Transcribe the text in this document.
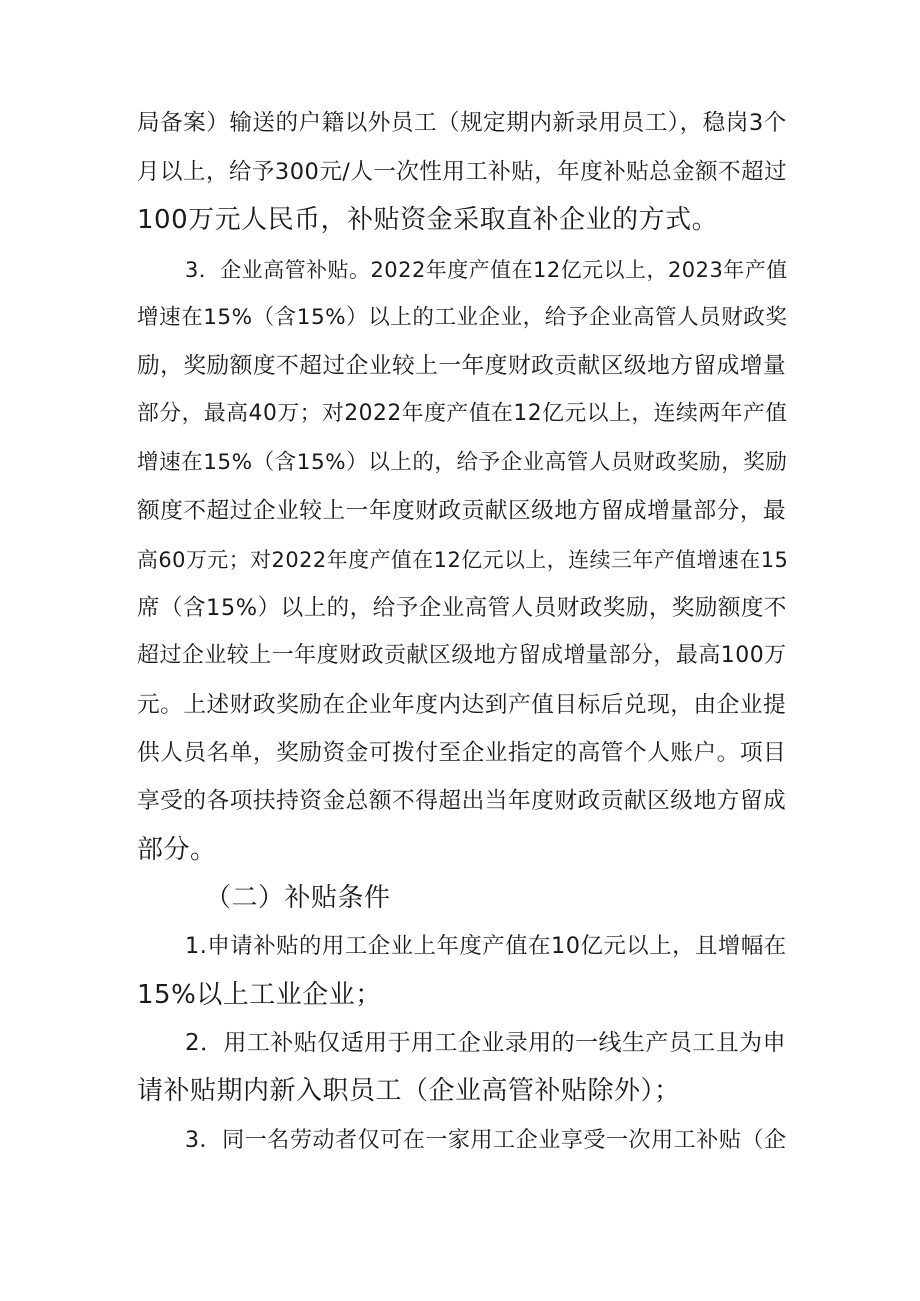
局备案）输送的户籍以外员工（规定期内新录用员工），稳岗3个
月以上，给予300元/人一次性用工补贴，年度补贴总金额不超过
100万元人民币，补贴资金采取直补企业的方式。
3．企业高管补贴。2022年度产值在12亿元以上，2023年产值
增速在15%（含15%）以上的工业企业，给予企业高管人员财政奖
励，奖励额度不超过企业较上一年度财政贡献区级地方留成增量
部分，最高40万；对2022年度产值在12亿元以上，连续两年产值
增速在15%（含15%）以上的，给予企业高管人员财政奖励，奖励
额度不超过企业较上一年度财政贡献区级地方留成增量部分，最
高60万元；对2022年度产值在12亿元以上，连续三年产值增速在15
席（含15%）以上的，给予企业高管人员财政奖励，奖励额度不
超过企业较上一年度财政贡献区级地方留成增量部分，最高100万
元。上述财政奖励在企业年度内达到产值目标后兑现，由企业提
供人员名单，奖励资金可拨付至企业指定的高管个人账户。项目
享受的各项扶持资金总额不得超出当年度财政贡献区级地方留成
部分。
（二）补贴条件
1.申请补贴的用工企业上年度产值在10亿元以上，且增幅在
15%以上工业企业；
2．用工补贴仅适用于用工企业录用的一线生产员工且为申
请补贴期内新入职员工（企业高管补贴除外）；
3．同一名劳动者仅可在一家用工企业享受一次用工补贴（企
